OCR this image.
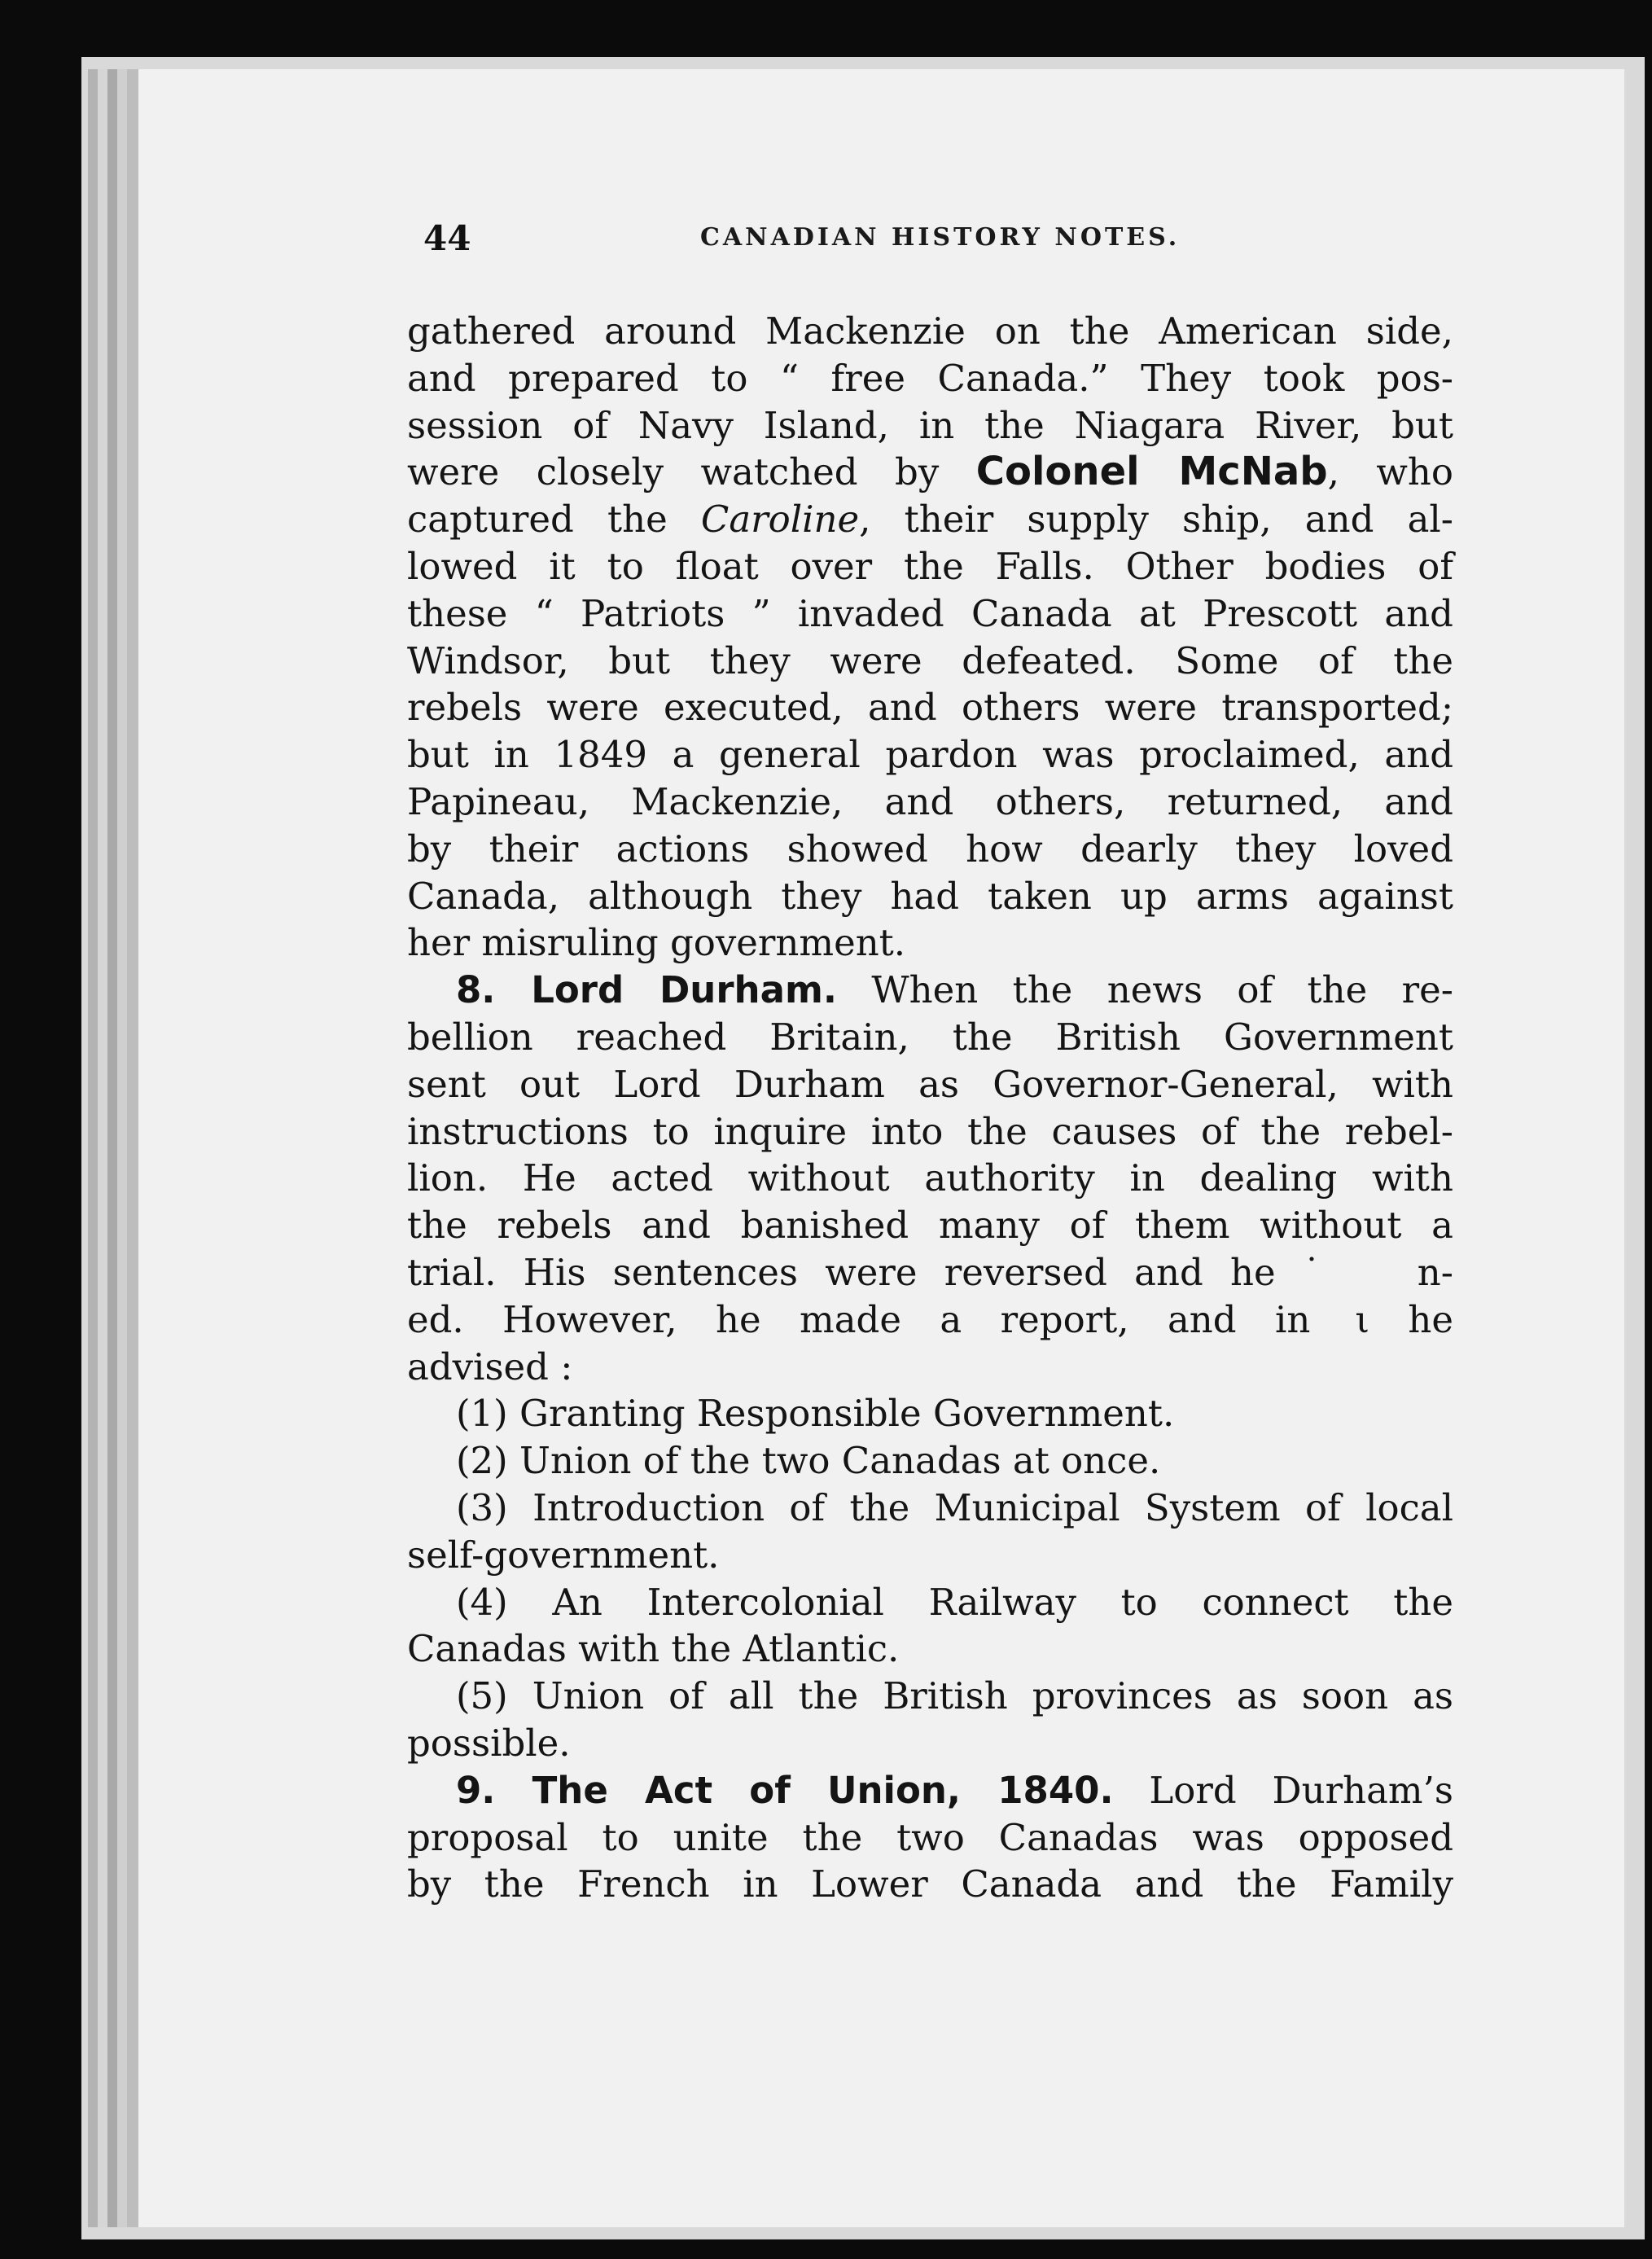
44	CANADIAN HISTORY NOTES.
gathered around Mackenzie on the American side,
and prepared to “ free Canada.” They took pos-
session of Navy Island, in the Niagara River, but
were closely watched by Colonel McNab, who
captured the Caroline, their supply ship, and al-
lowed it to float over the Falls. Other bodies of
these “ Patriots ” invaded Canada at Prescott and
Windsor, but they were defeated. Some of the
rebels were executed, and others were transported;
but in 1849 a general pardon was proclaimed, and
Papineau, Mackenzie, and others, returned, and
by their actions showed how dearly they loved
Canada, although they had taken up arms against
her misruling government.
8. Lord Durham. When the news of the re-
bellion reached Britain, the British Government
sent out Lord Durham as Governor-General, with
instructions to inquire into the causes of the rebel-
lion. He acted without authority in dealing with
the rebels and banished many of them without a
trial. His sentences were reversed and he ˙   n-
ed. However, he made a report, and in  ι he
advised :
(1) Granting Responsible Government.
(2) Union of the two Canadas at once.
(3) Introduction of the Municipal System of local
self-government.
(4) An Intercolonial Railway to connect the
Canadas with the Atlantic.
(5) Union of all the British provinces as soon as
possible.
9. The Act of Union, 1840. Lord Durham’s
proposal to unite the two Canadas was opposed
by the French in Lower Canada and the Family
